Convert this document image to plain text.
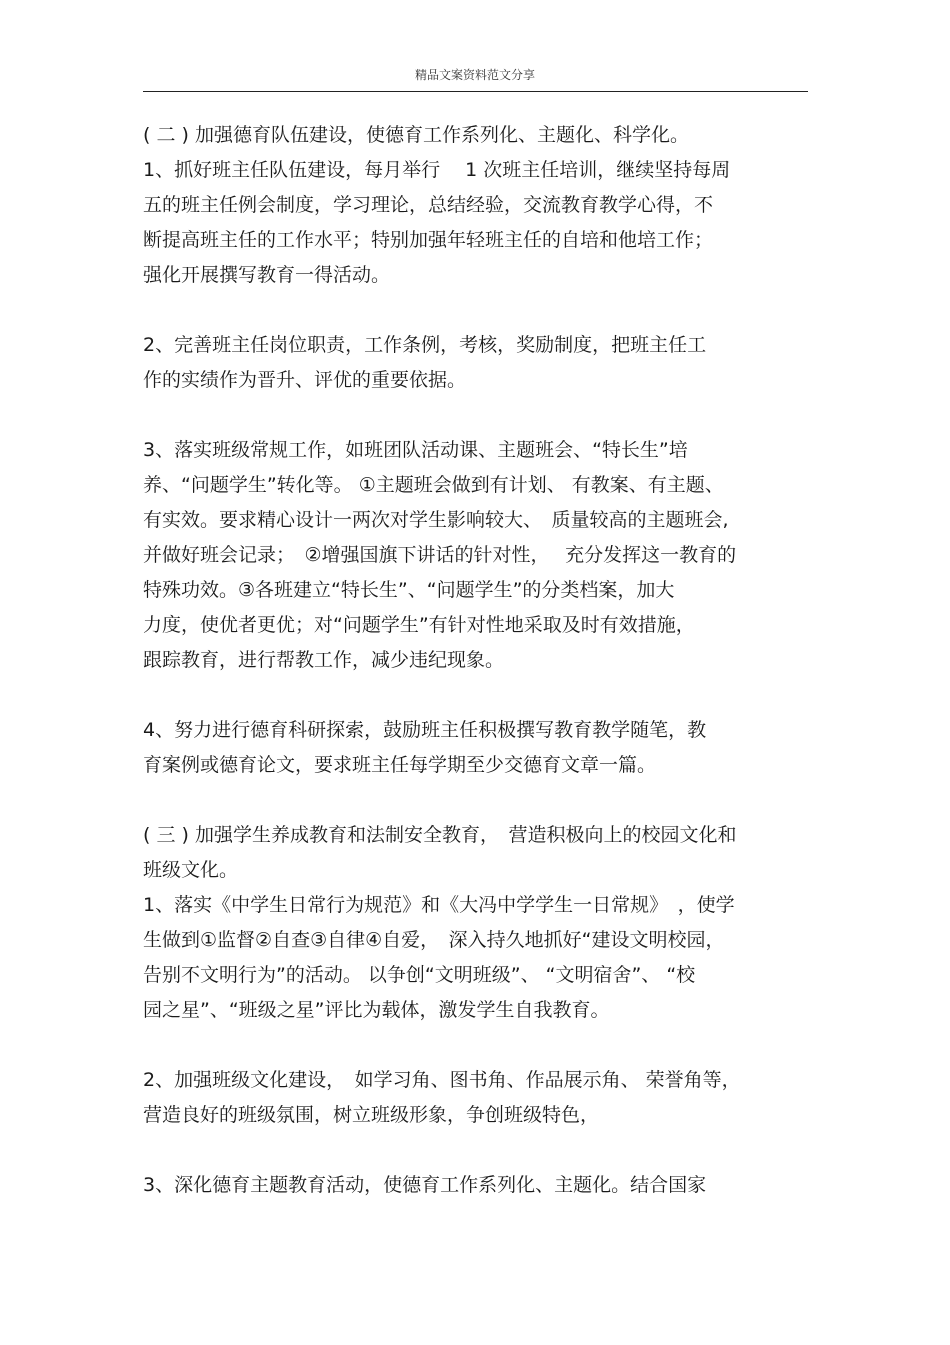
精品文案资料范文分享
( 二 ) 加强德育队伍建设，使德育工作系列化、主题化、科学化。
1、抓好班主任队伍建设，每月举行　 1 次班主任培训，继续坚持每周
五的班主任例会制度，学习理论，总结经验，交流教育教学心得，不
断提高班主任的工作水平；特别加强年轻班主任的自培和他培工作；
强化开展撰写教育一得活动。
2、完善班主任岗位职责，工作条例，考核，奖励制度，把班主任工
作的实绩作为晋升、评优的重要依据。
3、落实班级常规工作，如班团队活动课、主题班会、“特长生”培
养、“问题学生”转化等。 ①主题班会做到有计划、 有教案、有主题、
有实效。要求精心设计一两次对学生影响较大、　质量较高的主题班会,
并做好班会记录；　②增强国旗下讲话的针对性，　 充分发挥这一教育的
特殊功效。③各班建立“特长生”、“问题学生”的分类档案，加大
力度，使优者更优；对“问题学生”有针对性地采取及时有效措施，
跟踪教育，进行帮教工作，减少违纪现象。
4、努力进行德育科研探索，鼓励班主任积极撰写教育教学随笔，教
育案例或德育论文，要求班主任每学期至少交德育文章一篇。
( 三 ) 加强学生养成教育和法制安全教育，　营造积极向上的校园文化和
班级文化。
1、落实《中学生日常行为规范》和《大冯中学学生一日常规》　，使学
生做到①监督②自查③自律④自爱，　深入持久地抓好“建设文明校园，
告别不文明行为”的活动。 以争创“文明班级”、 “文明宿舍”、 “校
园之星”、“班级之星”评比为载体，激发学生自我教育。
2、加强班级文化建设，　如学习角、图书角、作品展示角、 荣誉角等，
营造良好的班级氛围，树立班级形象，争创班级特色，
3、深化德育主题教育活动，使德育工作系列化、主题化。结合国家
